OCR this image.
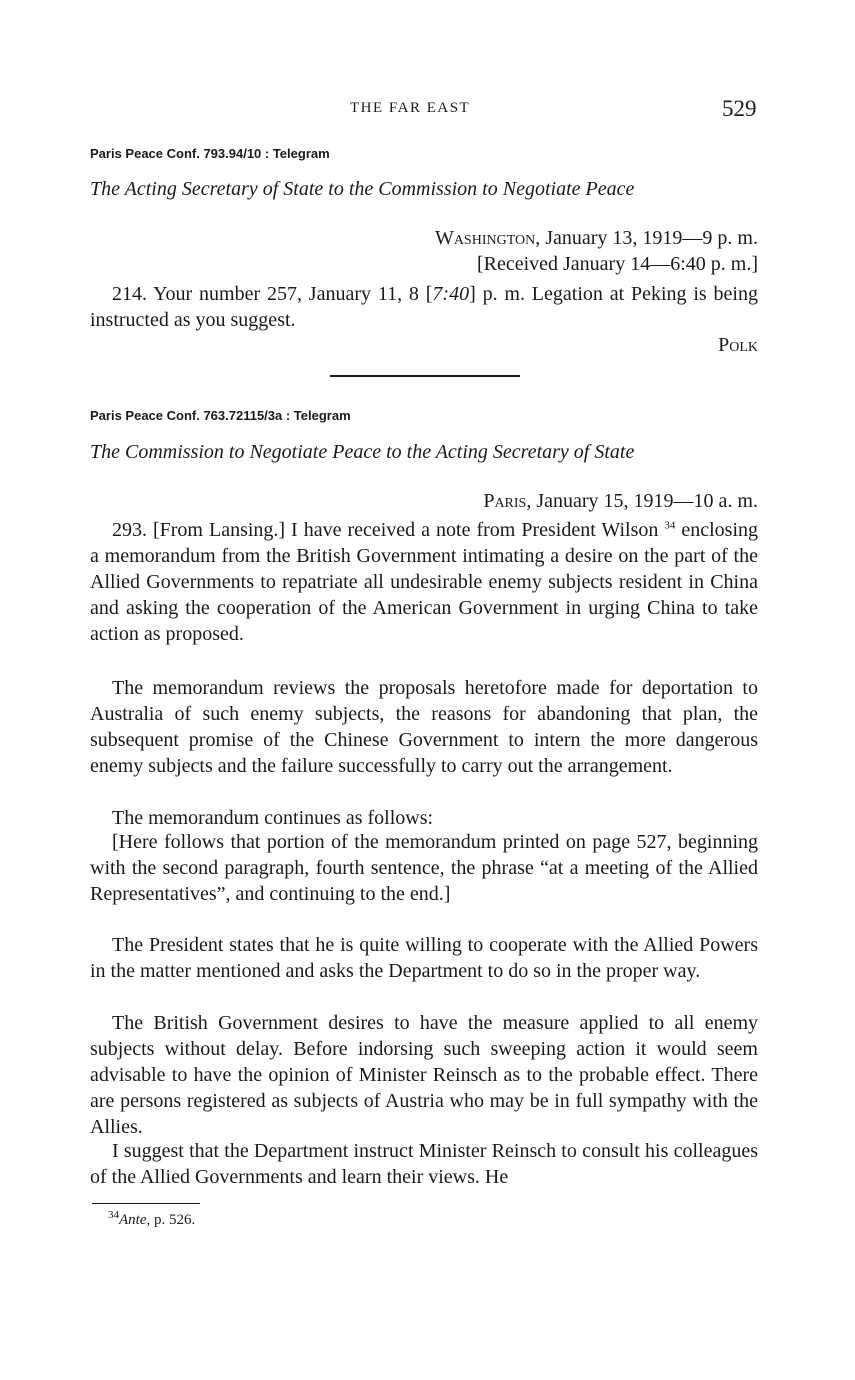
THE FAR EAST	529
Paris Peace Conf. 793.94/10 : Telegram
The Acting Secretary of State to the Commission to Negotiate Peace
Washington, January 13, 1919—9 p. m.
[Received January 14—6:40 p. m.]

214. Your number 257, January 11, 8 [7:40] p. m. Legation at Peking is being instructed as you suggest.

Polk
Paris Peace Conf. 763.72115/3a : Telegram
The Commission to Negotiate Peace to the Acting Secretary of State
Paris, January 15, 1919—10 a. m.

293. [From Lansing.] I have received a note from President Wilson $^{34}$ enclosing a memorandum from the British Government intimating a desire on the part of the Allied Governments to repatriate all undesirable enemy subjects resident in China and asking the cooperation of the American Government in urging China to take action as proposed.

The memorandum reviews the proposals heretofore made for deportation to Australia of such enemy subjects, the reasons for abandoning that plan, the subsequent promise of the Chinese Government to intern the more dangerous enemy subjects and the failure successfully to carry out the arrangement.

The memorandum continues as follows:

[Here follows that portion of the memorandum printed on page 527, beginning with the second paragraph, fourth sentence, the phrase “at a meeting of the Allied Representatives”, and continuing to the end.]

The President states that he is quite willing to cooperate with the Allied Powers in the matter mentioned and asks the Department to do so in the proper way.

The British Government desires to have the measure applied to all enemy subjects without delay. Before indorsing such sweeping action it would seem advisable to have the opinion of Minister Reinsch as to the probable effect. There are persons registered as subjects of Austria who may be in full sympathy with the Allies.

I suggest that the Department instruct Minister Reinsch to consult his colleagues of the Allied Governments and learn their views. He

$^{34}$Ante, p. 526.
